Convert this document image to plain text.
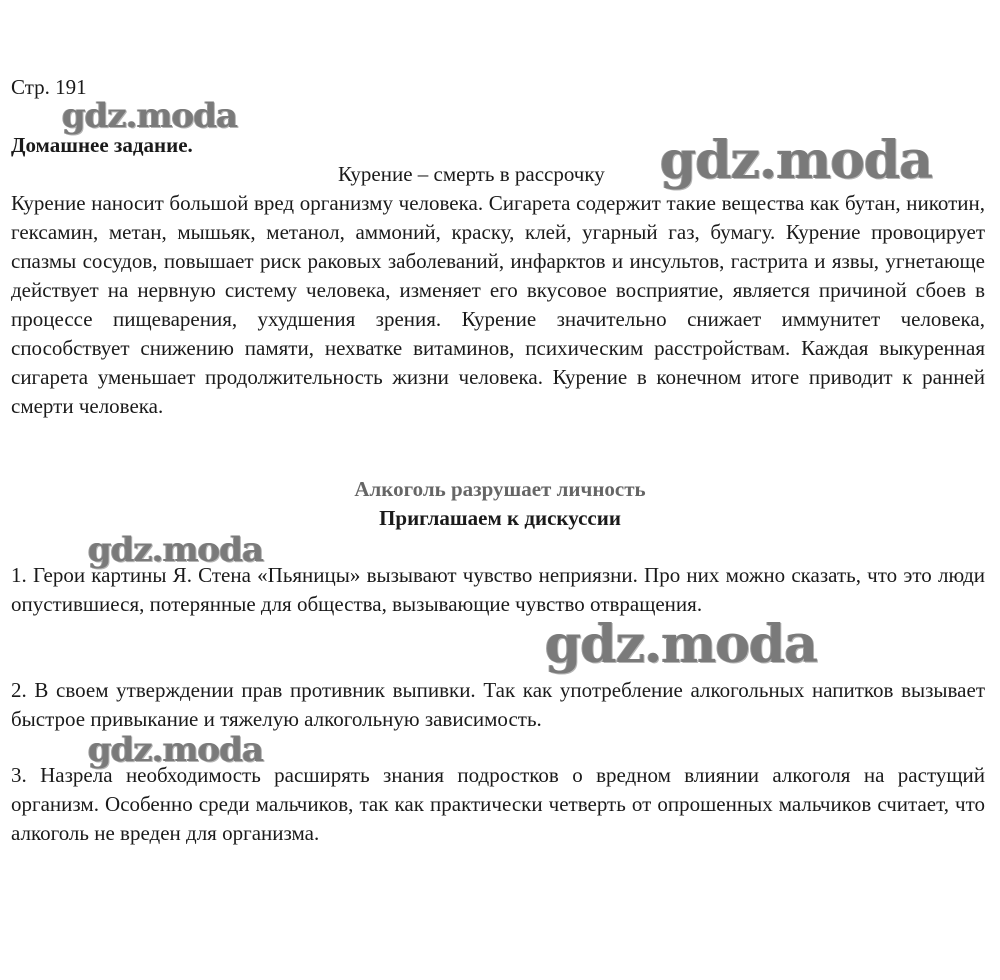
Стр. 191
Домашнее задание.
Курение – смерть в рассрочку
Курение наносит большой вред организму человека. Сигарета содержит такие вещества как бутан, никотин, гексамин, метан, мышьяк, метанол, аммоний, краску, клей, угарный газ, бумагу. Курение провоцирует спазмы сосудов, повышает риск раковых заболеваний, инфарктов и инсультов, гастрита и язвы, угнетающе действует на нервную систему человека, изменяет его вкусовое восприятие, является причиной сбоев в процессе пищеварения, ухудшения зрения. Курение значительно снижает иммунитет человека, способствует снижению памяти, нехватке витаминов, психическим расстройствам. Каждая выкуренная сигарета уменьшает продолжительность жизни человека. Курение в конечном итоге приводит к ранней смерти человека.
Алкоголь разрушает личность
Приглашаем к дискуссии
1. Герои картины Я. Стена «Пьяницы» вызывают чувство неприязни. Про них можно сказать, что это люди опустившиеся, потерянные для общества, вызывающие чувство отвращения.
2. В своем утверждении прав противник выпивки. Так как употребление алкогольных напитков вызывает быстрое привыкание и тяжелую алкогольную зависимость.
3. Назрела необходимость расширять знания подростков о вредном влиянии алкоголя на растущий организм. Особенно среди мальчиков, так как практически четверть от опрошенных мальчиков считает, что алкоголь не вреден для организма.
gdz.moda
gdz.moda
gdz.moda
gdz.moda
gdz.moda
